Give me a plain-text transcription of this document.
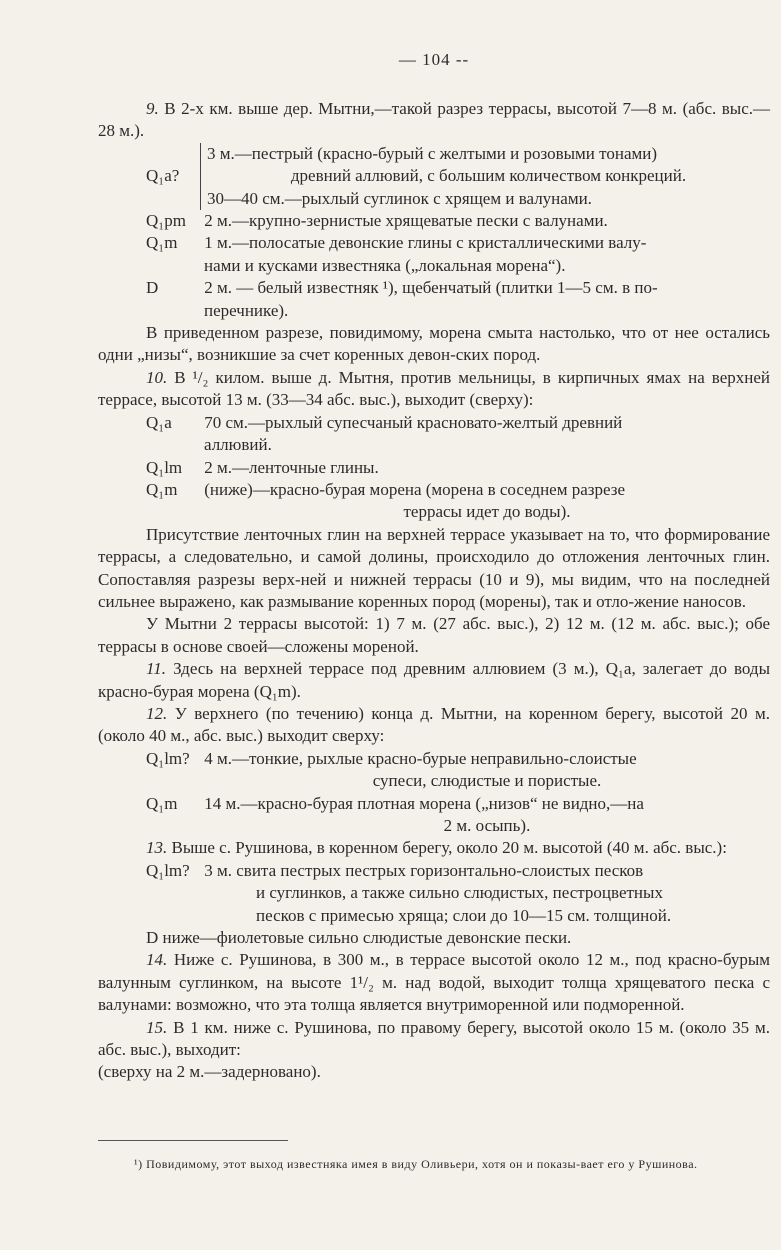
— 104 --

9. В 2-х км. выше дер. Мытни,—такой разрез террасы, высотой 7—8 м. (абс. выс.—28 м.).

Q₁a?
3 м.—пестрый (красно-бурый с желтыми и розовыми тонами)
древний аллювий, с большим количеством конкреций.
30—40 см.—рыхлый суглинок с хрящем и валунами.
Q₁pm 2 м.—крупно-зернистые хрящеватые пески с валунами.
Q₁m 1 м.—полосатые девонские глины с кристаллическими валу-
нами и кусками известняка („локальная морена“).
D	2 м. — белый известняк ¹), щебенчатый (плитки 1—5 см. в по-
перечнике).

В приведенном разрезе, повидимому, морена смыта настолько, что от нее остались одни „низы“, возникшие за счет коренных девон-ских пород.

10. В ¹/₂ килом. выше д. Мытня, против мельницы, в кирпичных ямах на верхней террасе, высотой 13 м. (33—34 абс. выс.), выходит (сверху):

Q₁a 70 см.—рыхлый супесчаный красновато-желтый древний
аллювий.
Q₁lm 2 м.—ленточные глины.
Q₁m (ниже)—красно-бурая морена (морена в соседнем разрезе
террасы идет до воды).

Присутствие ленточных глин на верхней террасе указывает на то, что формирование террасы, а следовательно, и самой долины, происходило до отложения ленточных глин. Сопоставляя разрезы верх-ней и нижней террасы (10 и 9), мы видим, что на последней сильнее выражено, как размывание коренных пород (морены), так и отло-жение наносов.

У Мытни 2 террасы высотой: 1) 7 м. (27 абс. выс.), 2) 12 м. (12 м. абс. выс.); обе террасы в основе своей—сложены мореной.

11. Здесь на верхней террасе под древним аллювием (3 м.), Q₁a, залегает до воды красно-бурая морена (Q₁m).

12. У верхнего (по течению) конца д. Мытни, на коренном берегу, высотой 20 м. (около 40 м., абс. выс.) выходит сверху:

Q₁lm? 4 м.—тонкие, рыхлые красно-бурые неправильно-слоистые
супеси, слюдистые и пористые.
Q₁m 14 м.—красно-бурая плотная морена („низов“ не видно,—на
2 м. осыпь).

13. Выше с. Рушинова, в коренном берегу, около 20 м. высотой (40 м. абс. выс.):

Q₁lm? 3 м. свита пестрых пестрых горизонтально-слоистых песков
и суглинков, а также сильно слюдистых, пестроцветных
песков с примесью хряща; слои до 10—15 см. толщиной.
D ниже—фиолетовые сильно слюдистые девонские пески.

14. Ниже с. Рушинова, в 300 м., в террасе высотой около 12 м., под красно-бурым валунным суглинком, на высоте 1¹/₂ м. над водой, выходит толща хрящеватого песка с валунами: возможно, что эта толща является внутриморенной или подморенной.

15. В 1 км. ниже с. Рушинова, по правому берегу, высотой около 15 м. (около 35 м. абс. выс.), выходит:

(сверху на 2 м.—задерновано).

¹) Повидимому, этот выход известняка имея в виду Оливьери, хотя он и показы-вает его у Рушинова.
